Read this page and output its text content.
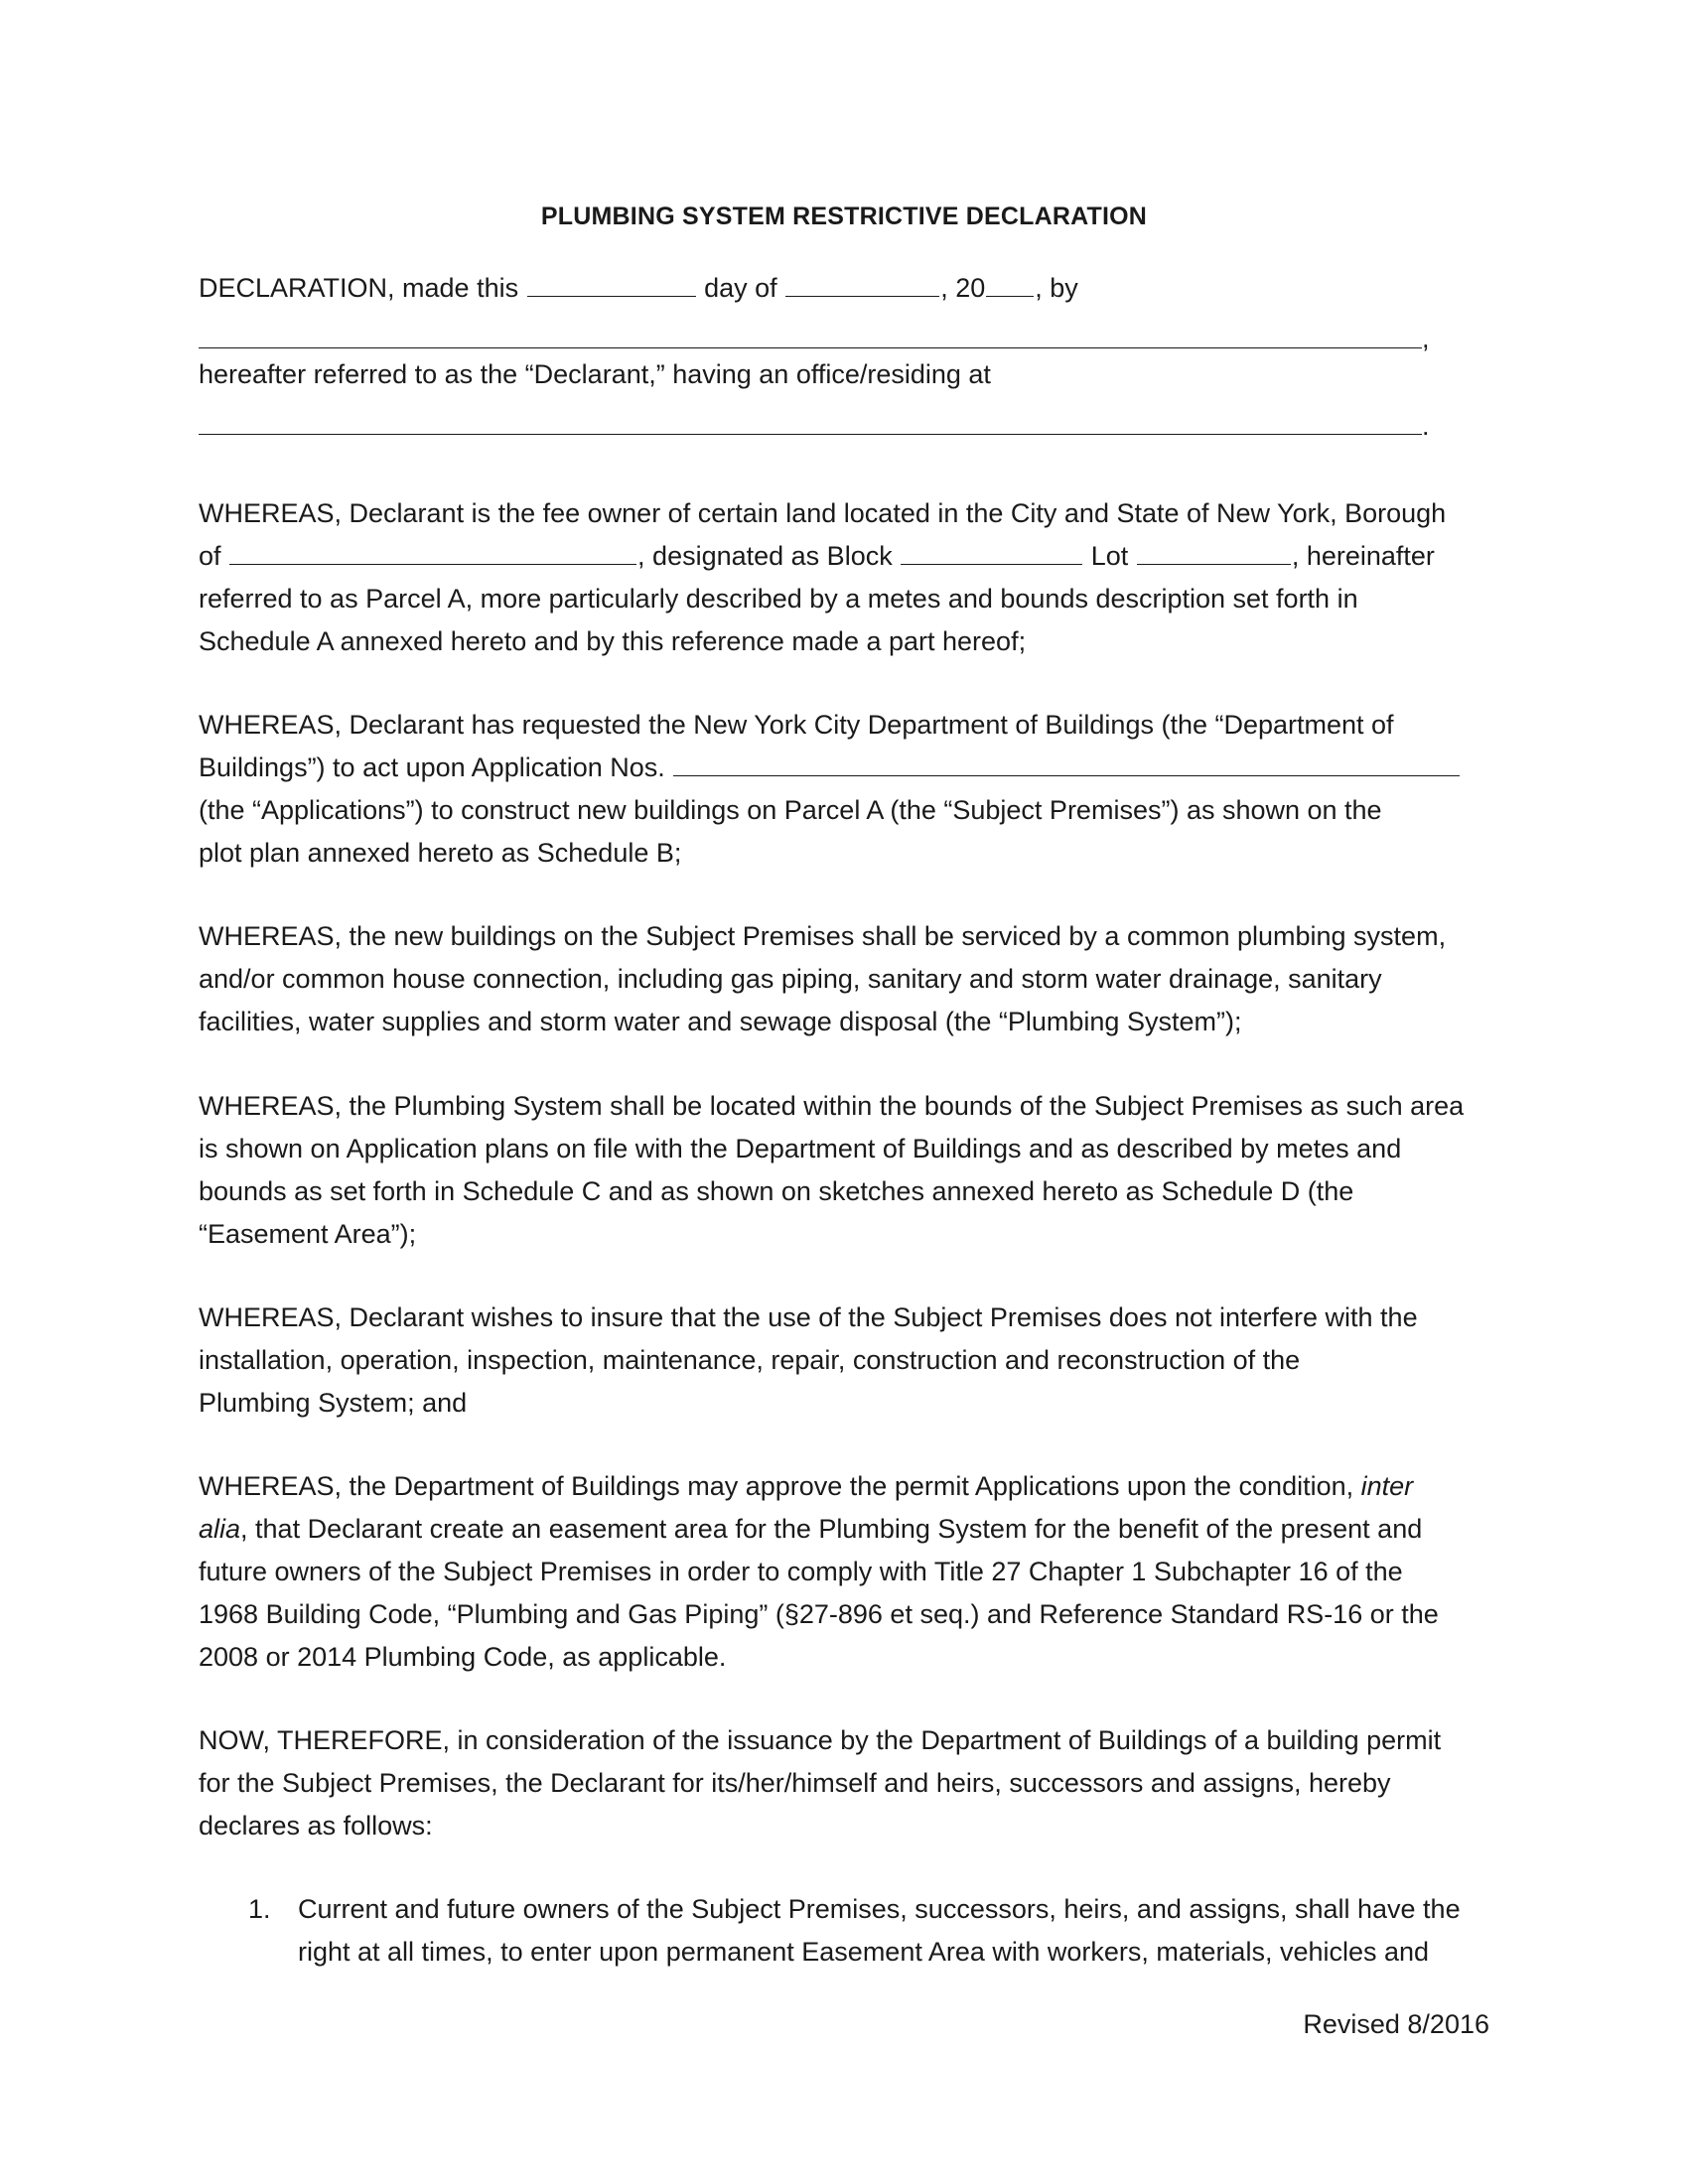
PLUMBING SYSTEM RESTRICTIVE DECLARATION
DECLARATION, made this	day of	, 20 , by
,
hereafter referred to as the “Declarant,” having an office/residing at
.
WHEREAS, Declarant is the fee owner of certain land located in the City and State of New York, Borough
of	, designated as Block	Lot	, hereinafter
referred to as Parcel A, more particularly described by a metes and bounds description set forth in
Schedule A annexed hereto and by this reference made a part hereof;
WHEREAS, Declarant has requested the New York City Department of Buildings (the “Department of
Buildings”) to act upon Application Nos.
(the “Applications”) to construct new buildings on Parcel A (the “Subject Premises”) as shown on the
plot plan annexed hereto as Schedule B;
WHEREAS, the new buildings on the Subject Premises shall be serviced by a common plumbing system,
and/or common house connection, including gas piping, sanitary and storm water drainage, sanitary
facilities, water supplies and storm water and sewage disposal (the “Plumbing System”);
WHEREAS, the Plumbing System shall be located within the bounds of the Subject Premises as such area
is shown on Application plans on file with the Department of Buildings and as described by metes and
bounds as set forth in Schedule C and as shown on sketches annexed hereto as Schedule D (the
“Easement Area”);
WHEREAS, Declarant wishes to insure that the use of the Subject Premises does not interfere with the
installation, operation, inspection, maintenance, repair, construction and reconstruction of the
Plumbing System; and
WHEREAS, the Department of Buildings may approve the permit Applications upon the condition, inter
alia, that Declarant create an easement area for the Plumbing System for the benefit of the present and
future owners of the Subject Premises in order to comply with Title 27 Chapter 1 Subchapter 16 of the
1968 Building Code, “Plumbing and Gas Piping” (§27-896 et seq.) and Reference Standard RS-16 or the
2008 or 2014 Plumbing Code, as applicable.
NOW, THEREFORE, in consideration of the issuance by the Department of Buildings of a building permit
for the Subject Premises, the Declarant for its/her/himself and heirs, successors and assigns, hereby
declares as follows:
1.	Current and future owners of the Subject Premises, successors, heirs, and assigns, shall have the
right at all times, to enter upon permanent Easement Area with workers, materials, vehicles and
Revised 8/2016
